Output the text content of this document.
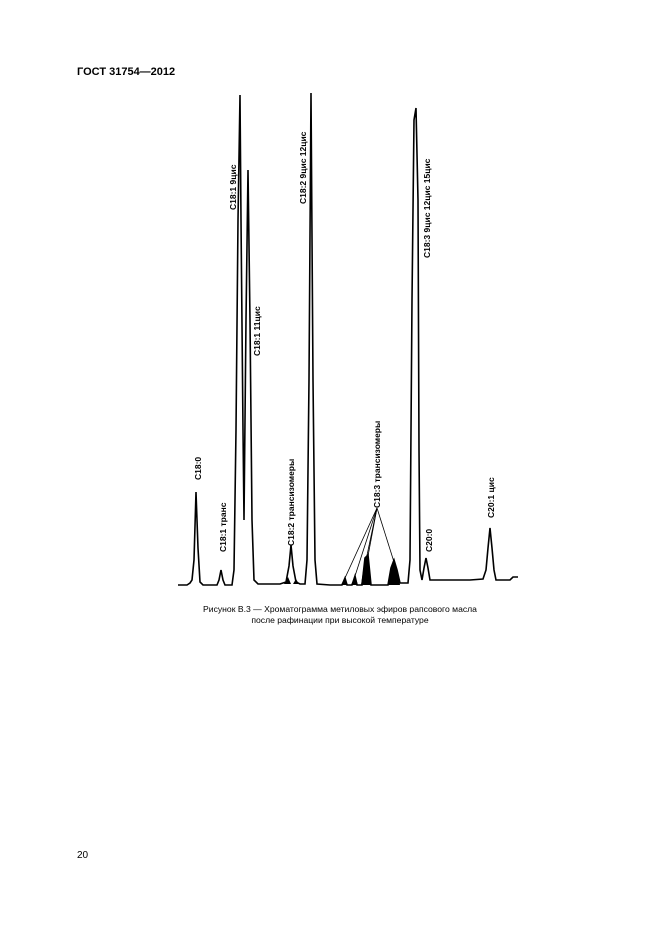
ГОСТ 31754—2012
C18:0
C18:1 транс
C18:1 9цис
C18:1 11цис
C18:2 трансизомеры
C18:2 9цис 12цис
C18:3 трансизомеры
C18:3 9цис 12цис 15цис
C20:0
C20:1 цис
Рисунок В.3 — Хроматограмма метиловых эфиров рапсового масла
после рафинации при высокой температуре
20
